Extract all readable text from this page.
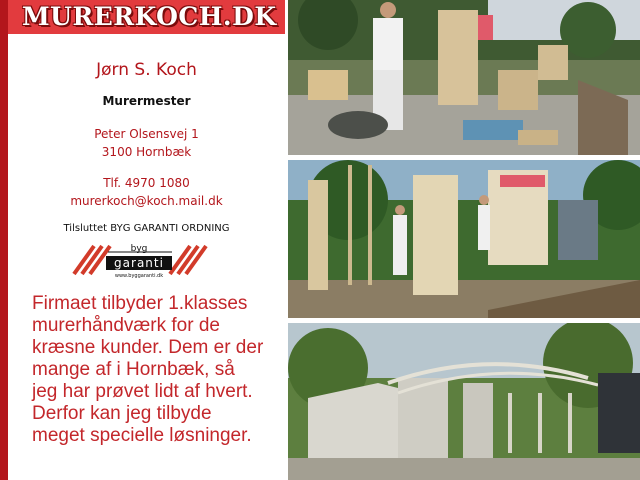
MURERKOCH.DK
Jørn S. Koch
Murermester
Peter Olsensvej 1
3100 Hornbæk
Tlf. 4970 1080
murerkoch@koch.mail.dk
Tilsluttet BYG GARANTI ORDNING
byg
garanti
www.byggaranti.dk
Firmaet tilbyder 1.klasses
murerhåndværk for de
kræsne kunder. Dem er der
mange af i Hornbæk, så
jeg har prøvet lidt af hvert.
Derfor kan jeg tilbyde
meget specielle løsninger.
